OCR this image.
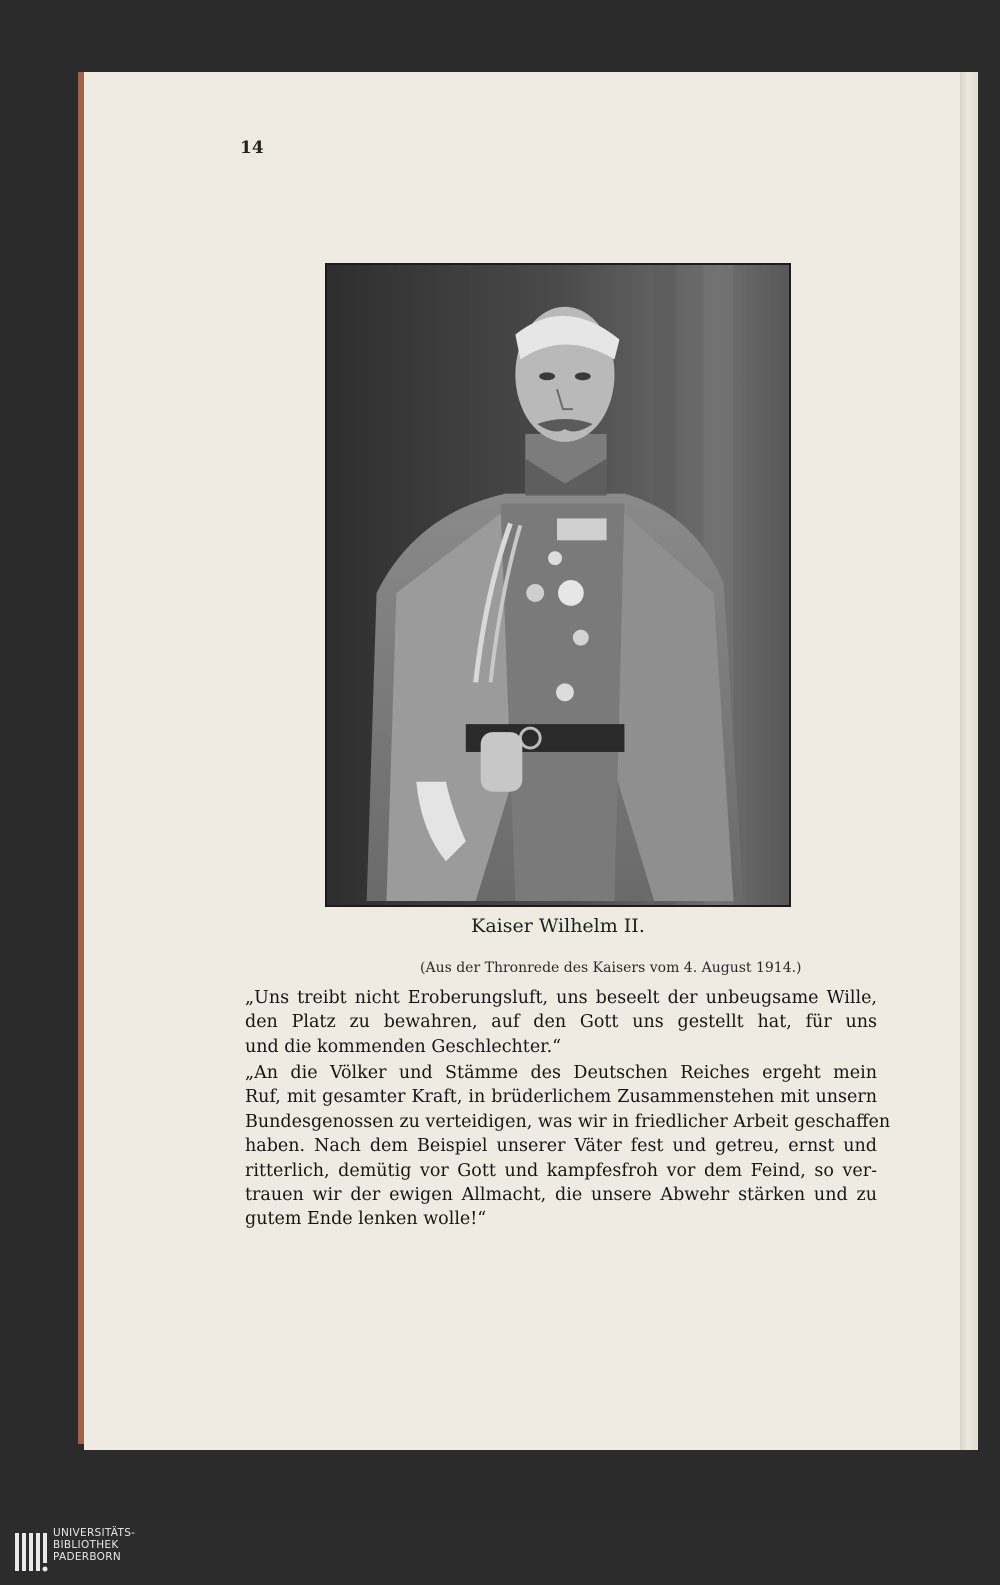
14
Kaiser Wilhelm II.
(Aus der Thronrede des Kaisers vom 4. August 1914.)
„Uns treibt nicht Eroberungsluft, uns beseelt der unbeugsame Wille,
den Platz zu bewahren, auf den Gott uns gestellt hat, für uns
und die kommenden Geschlechter.“
„An die Völker und Stämme des Deutschen Reiches ergeht mein
Ruf, mit gesamter Kraft, in brüderlichem Zusammenstehen mit unsern
Bundesgenossen zu verteidigen, was wir in friedlicher Arbeit geschaffen
haben. Nach dem Beispiel unserer Väter fest und getreu, ernst und
ritterlich, demütig vor Gott und kampfesfroh vor dem Feind, so ver-
trauen wir der ewigen Allmacht, die unsere Abwehr stärken und zu
gutem Ende lenken wolle!“
UNIVERSITÄTS-
BIBLIOTHEK
PADERBORN
